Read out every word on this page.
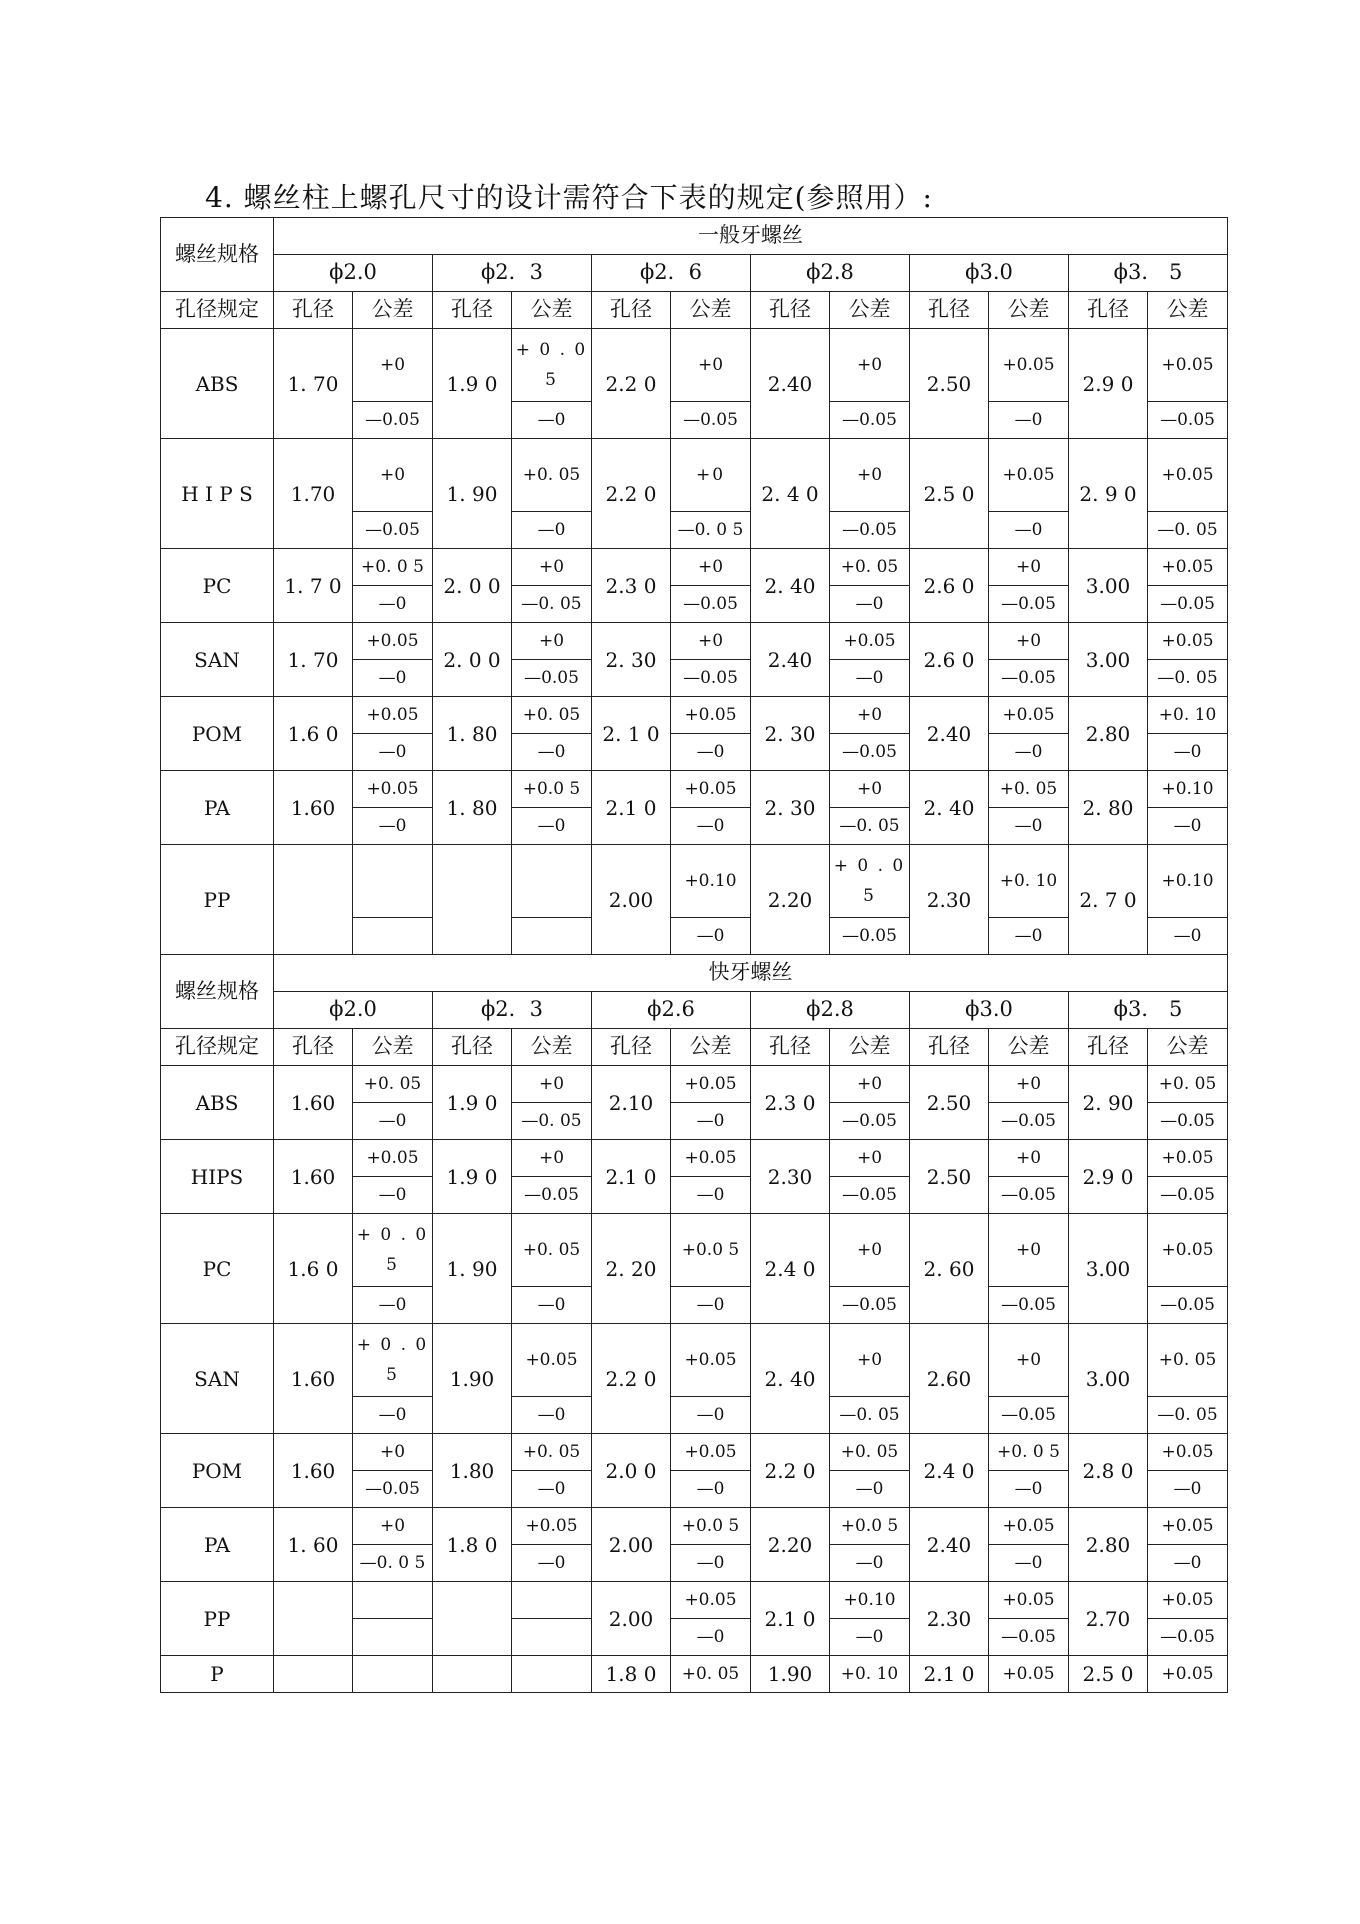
4. 螺丝柱上螺孔尺寸的设计需符合下表的规定(参照用）:
螺丝规格	一般牙螺丝											
	ϕ2.0		ϕ2．3		ϕ2．6		ϕ2.8		ϕ3.0		ϕ3． 5	
孔径规定	孔径	公差	孔径	公差	孔径	公差	孔径	公差	孔径	公差	孔径	公差
ABS	1. 70	+0	1.9 0	+ 0 . 0 5	2.2 0	+0	2.40	+0	2.50	+0.05	2.9 0	+0.05
		—0.05		—0		—0.05		—0.05		—0		—0.05
H I P S	1.70	+0	1. 90	+0. 05	2.2 0	+0	2. 4 0	+0	2.5 0	+0.05	2. 9 0	+0.05
		—0.05		—0		—0. 0 5		—0.05		—0		—0. 05
PC	1. 7 0	+0. 0 5	2. 0 0	+0	2.3 0	+0	2. 40	+0. 05	2.6 0	+0	3.00	+0.05
		—0		—0. 05		—0.05		—0		—0.05		—0.05
SAN	1. 70	+0.05	2. 0 0	+0	2. 30	+0	2.40	+0.05	2.6 0	+0	3.00	+0.05
		—0		—0.05		—0.05		—0		—0.05		—0. 05
POM	1.6 0	+0.05	1. 80	+0. 05	2. 1 0	+0.05	2. 30	+0	2.40	+0.05	2.80	+0. 10
		—0		—0		—0		—0.05		—0		—0
PA	1.60	+0.05	1. 80	+0.0 5	2.1 0	+0.05	2. 30	+0	2. 40	+0. 05	2. 80	+0.10
		—0		—0		—0		—0. 05		—0		—0
PP					2.00	+0.10	2.20	+ 0 . 0 5	2.30	+0. 10	2. 7 0	+0.10
						—0		—0.05		—0		—0
螺丝规格	快牙螺丝											
	ϕ2.0		ϕ2．3		ϕ2.6		ϕ2.8		ϕ3.0		ϕ3． 5	
孔径规定	孔径	公差	孔径	公差	孔径	公差	孔径	公差	孔径	公差	孔径	公差
ABS	1.60	+0. 05	1.9 0	+0	2.10	+0.05	2.3 0	+0	2.50	+0	2. 90	+0. 05
		—0		—0. 05		—0		—0.05		—0.05		—0.05
HIPS	1.60	+0.05	1.9 0	+0	2.1 0	+0.05	2.30	+0	2.50	+0	2.9 0	+0.05
		—0		—0.05		—0		—0.05		—0.05		—0.05
PC	1.6 0	+ 0 . 0 5	1. 90	+0. 05	2. 20	+0.0 5	2.4 0	+0	2. 60	+0	3.00	+0.05
		—0		—0		—0		—0.05		—0.05		—0.05
SAN	1.60	+ 0 . 0 5	1.90	+0.05	2.2 0	+0.05	2. 40	+0	2.60	+0	3.00	+0. 05
		—0		—0		—0		—0. 05		—0.05		—0. 05
POM	1.60	+0	1.80	+0. 05	2.0 0	+0.05	2.2 0	+0. 05	2.4 0	+0. 0 5	2.8 0	+0.05
		—0.05		—0		—0		—0		—0		—0
PA	1. 60	+0	1.8 0	+0.05	2.00	+0.0 5	2.20	+0.0 5	2.40	+0.05	2.80	+0.05
		—0. 0 5		—0		—0		—0		—0		—0
PP					2.00	+0.05	2.1 0	+0.10	2.30	+0.05	2.70	+0.05
						—0		—0		—0.05		—0.05
P					1.8 0	+0. 05	1.90	+0. 10	2.1 0	+0.05	2.5 0	+0.05
